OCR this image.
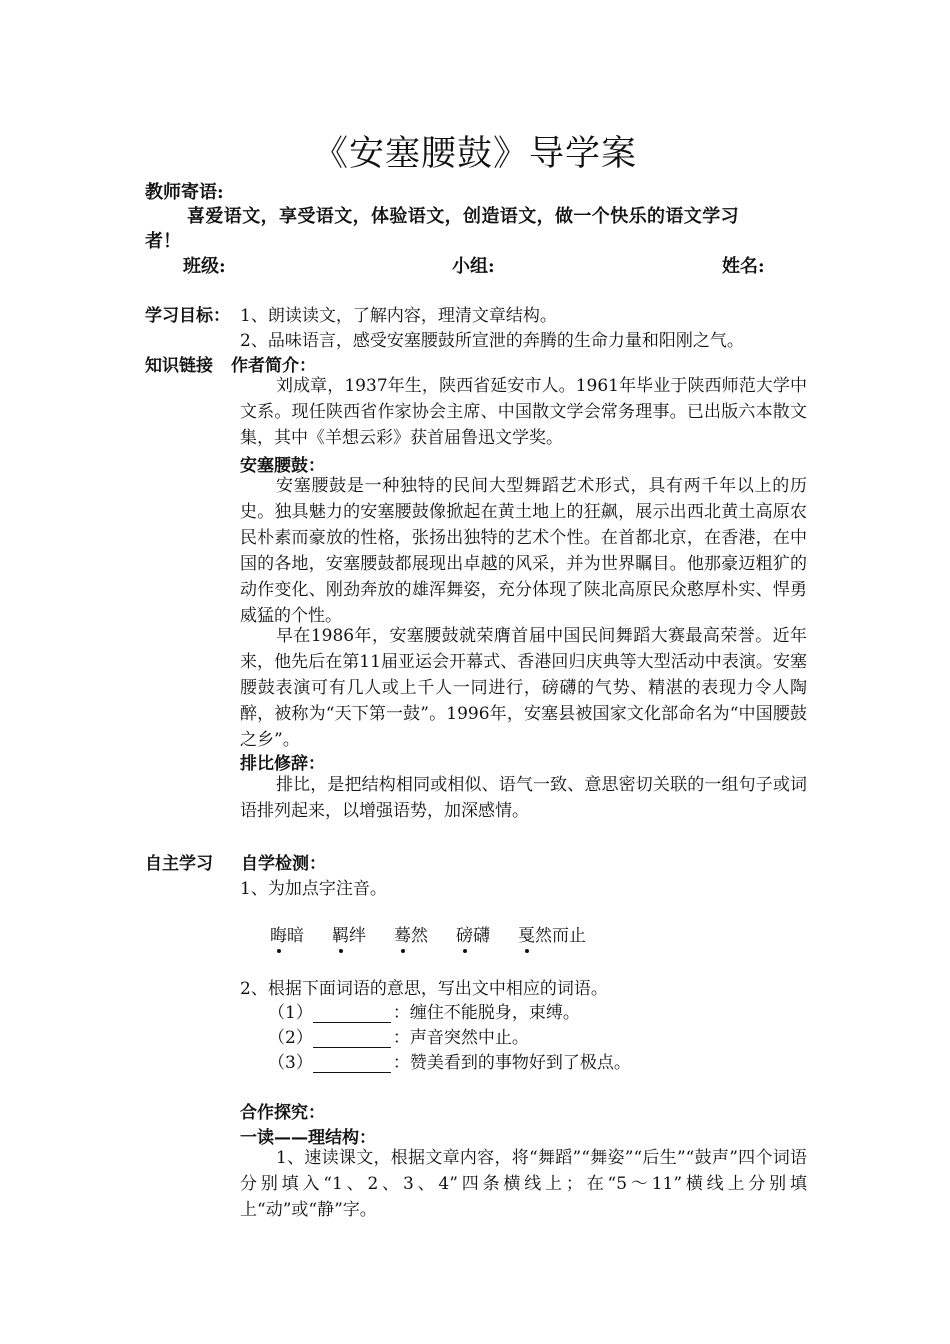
《安塞腰鼓》导学案
教师寄语:
喜爱语文，享受语文，体验语文，创造语文，做一个快乐的语文学习
者！
班级:	小组:	姓名:
学习目标： 1、朗读读文，了解内容，理清文章结构。
2、品味语言，感受安塞腰鼓所宣泄的奔腾的生命力量和阳刚之气。
知识链接 作者简介：
刘成章，1937年生，陕西省延安市人。1961年毕业于陕西师范大学中文系。现任陕西省作家协会主席、中国散文学会常务理事。已出版六本散文集，其中《羊想云彩》获首届鲁迅文学奖。
安塞腰鼓：
安塞腰鼓是一种独特的民间大型舞蹈艺术形式，具有两千年以上的历史。独具魅力的安塞腰鼓像掀起在黄土地上的狂飙，展示出西北黄土高原农民朴素而豪放的性格，张扬出独特的艺术个性。在首都北京，在香港，在中国的各地，安塞腰鼓都展现出卓越的风采，并为世界瞩目。他那豪迈粗犷的动作变化、刚劲奔放的雄浑舞姿，充分体现了陕北高原民众憨厚朴实、悍勇威猛的个性。
早在1986年，安塞腰鼓就荣膺首届中国民间舞蹈大赛最高荣誉。近年来，他先后在第11届亚运会开幕式、香港回归庆典等大型活动中表演。安塞腰鼓表演可有几人或上千人一同进行，磅礴的气势、精湛的表现力令人陶醉，被称为“天下第一鼓”。1996年，安塞县被国家文化部命名为“中国腰鼓之乡”。
排比修辞：
排比，是把结构相同或相似、语气一致、意思密切关联的一组句子或词语排列起来，以增强语势，加深感情。
自主学习 自学检测：
1、为加点字注音。
晦暗 羁绊 蓦然 磅礴 戛然而止
2、根据下面词语的意思，写出文中相应的词语。
（1）	：缠住不能脱身，束缚。
（2）	：声音突然中止。
（3）	：赞美看到的事物好到了极点。
合作探究：
一读——理结构：
1、速读课文，根据文章内容，将“舞蹈”“舞姿”“后生”“鼓声”四个词语分别填入“1、2、3、4”四条横线上；在“5～11”横线上分别填上“动”或“静”字。
